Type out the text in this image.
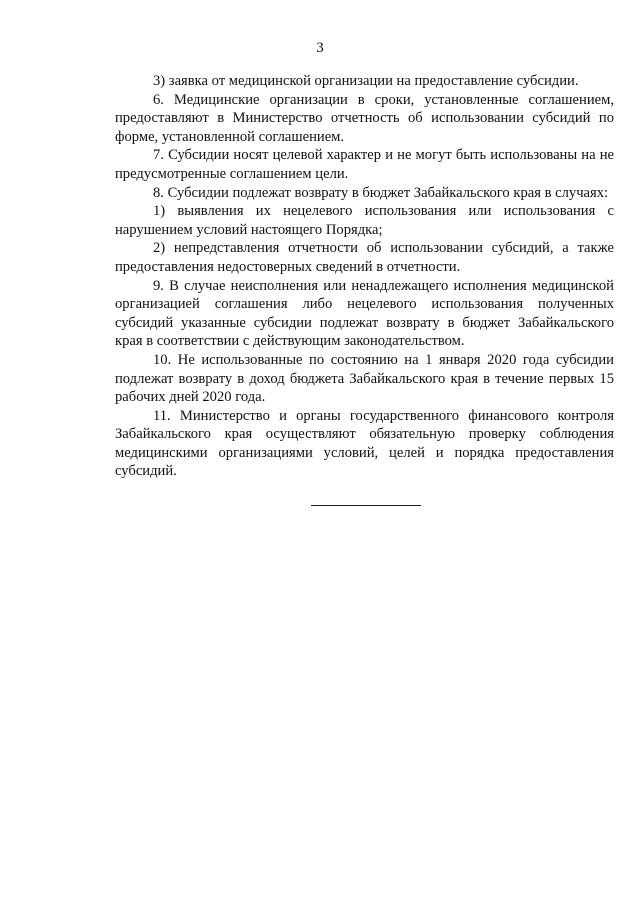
3

3) заявка от медицинской организации на предоставление субсидии.

6. Медицинские организации в сроки, установленные соглашением, предоставляют в Министерство отчетность об использовании субсидий по форме, установленной соглашением.

7. Субсидии носят целевой характер и не могут быть использованы на не предусмотренные соглашением цели.

8. Субсидии подлежат возврату в бюджет Забайкальского края в случаях:

1) выявления их нецелевого использования или использования с нарушением условий настоящего Порядка;

2) непредставления отчетности об использовании субсидий, а также предоставления недостоверных сведений в отчетности.

9. В случае неисполнения или ненадлежащего исполнения медицинской организацией соглашения либо нецелевого использования полученных субсидий указанные субсидии подлежат возврату в бюджет Забайкальского края в соответствии с действующим законодательством.

10. Не использованные по состоянию на 1 января 2020 года субсидии подлежат возврату в доход бюджета Забайкальского края в течение первых 15 рабочих дней 2020 года.

11. Министерство и органы государственного финансового контроля Забайкальского края осуществляют обязательную проверку соблюдения медицинскими организациями условий, целей и порядка предоставления субсидий.
